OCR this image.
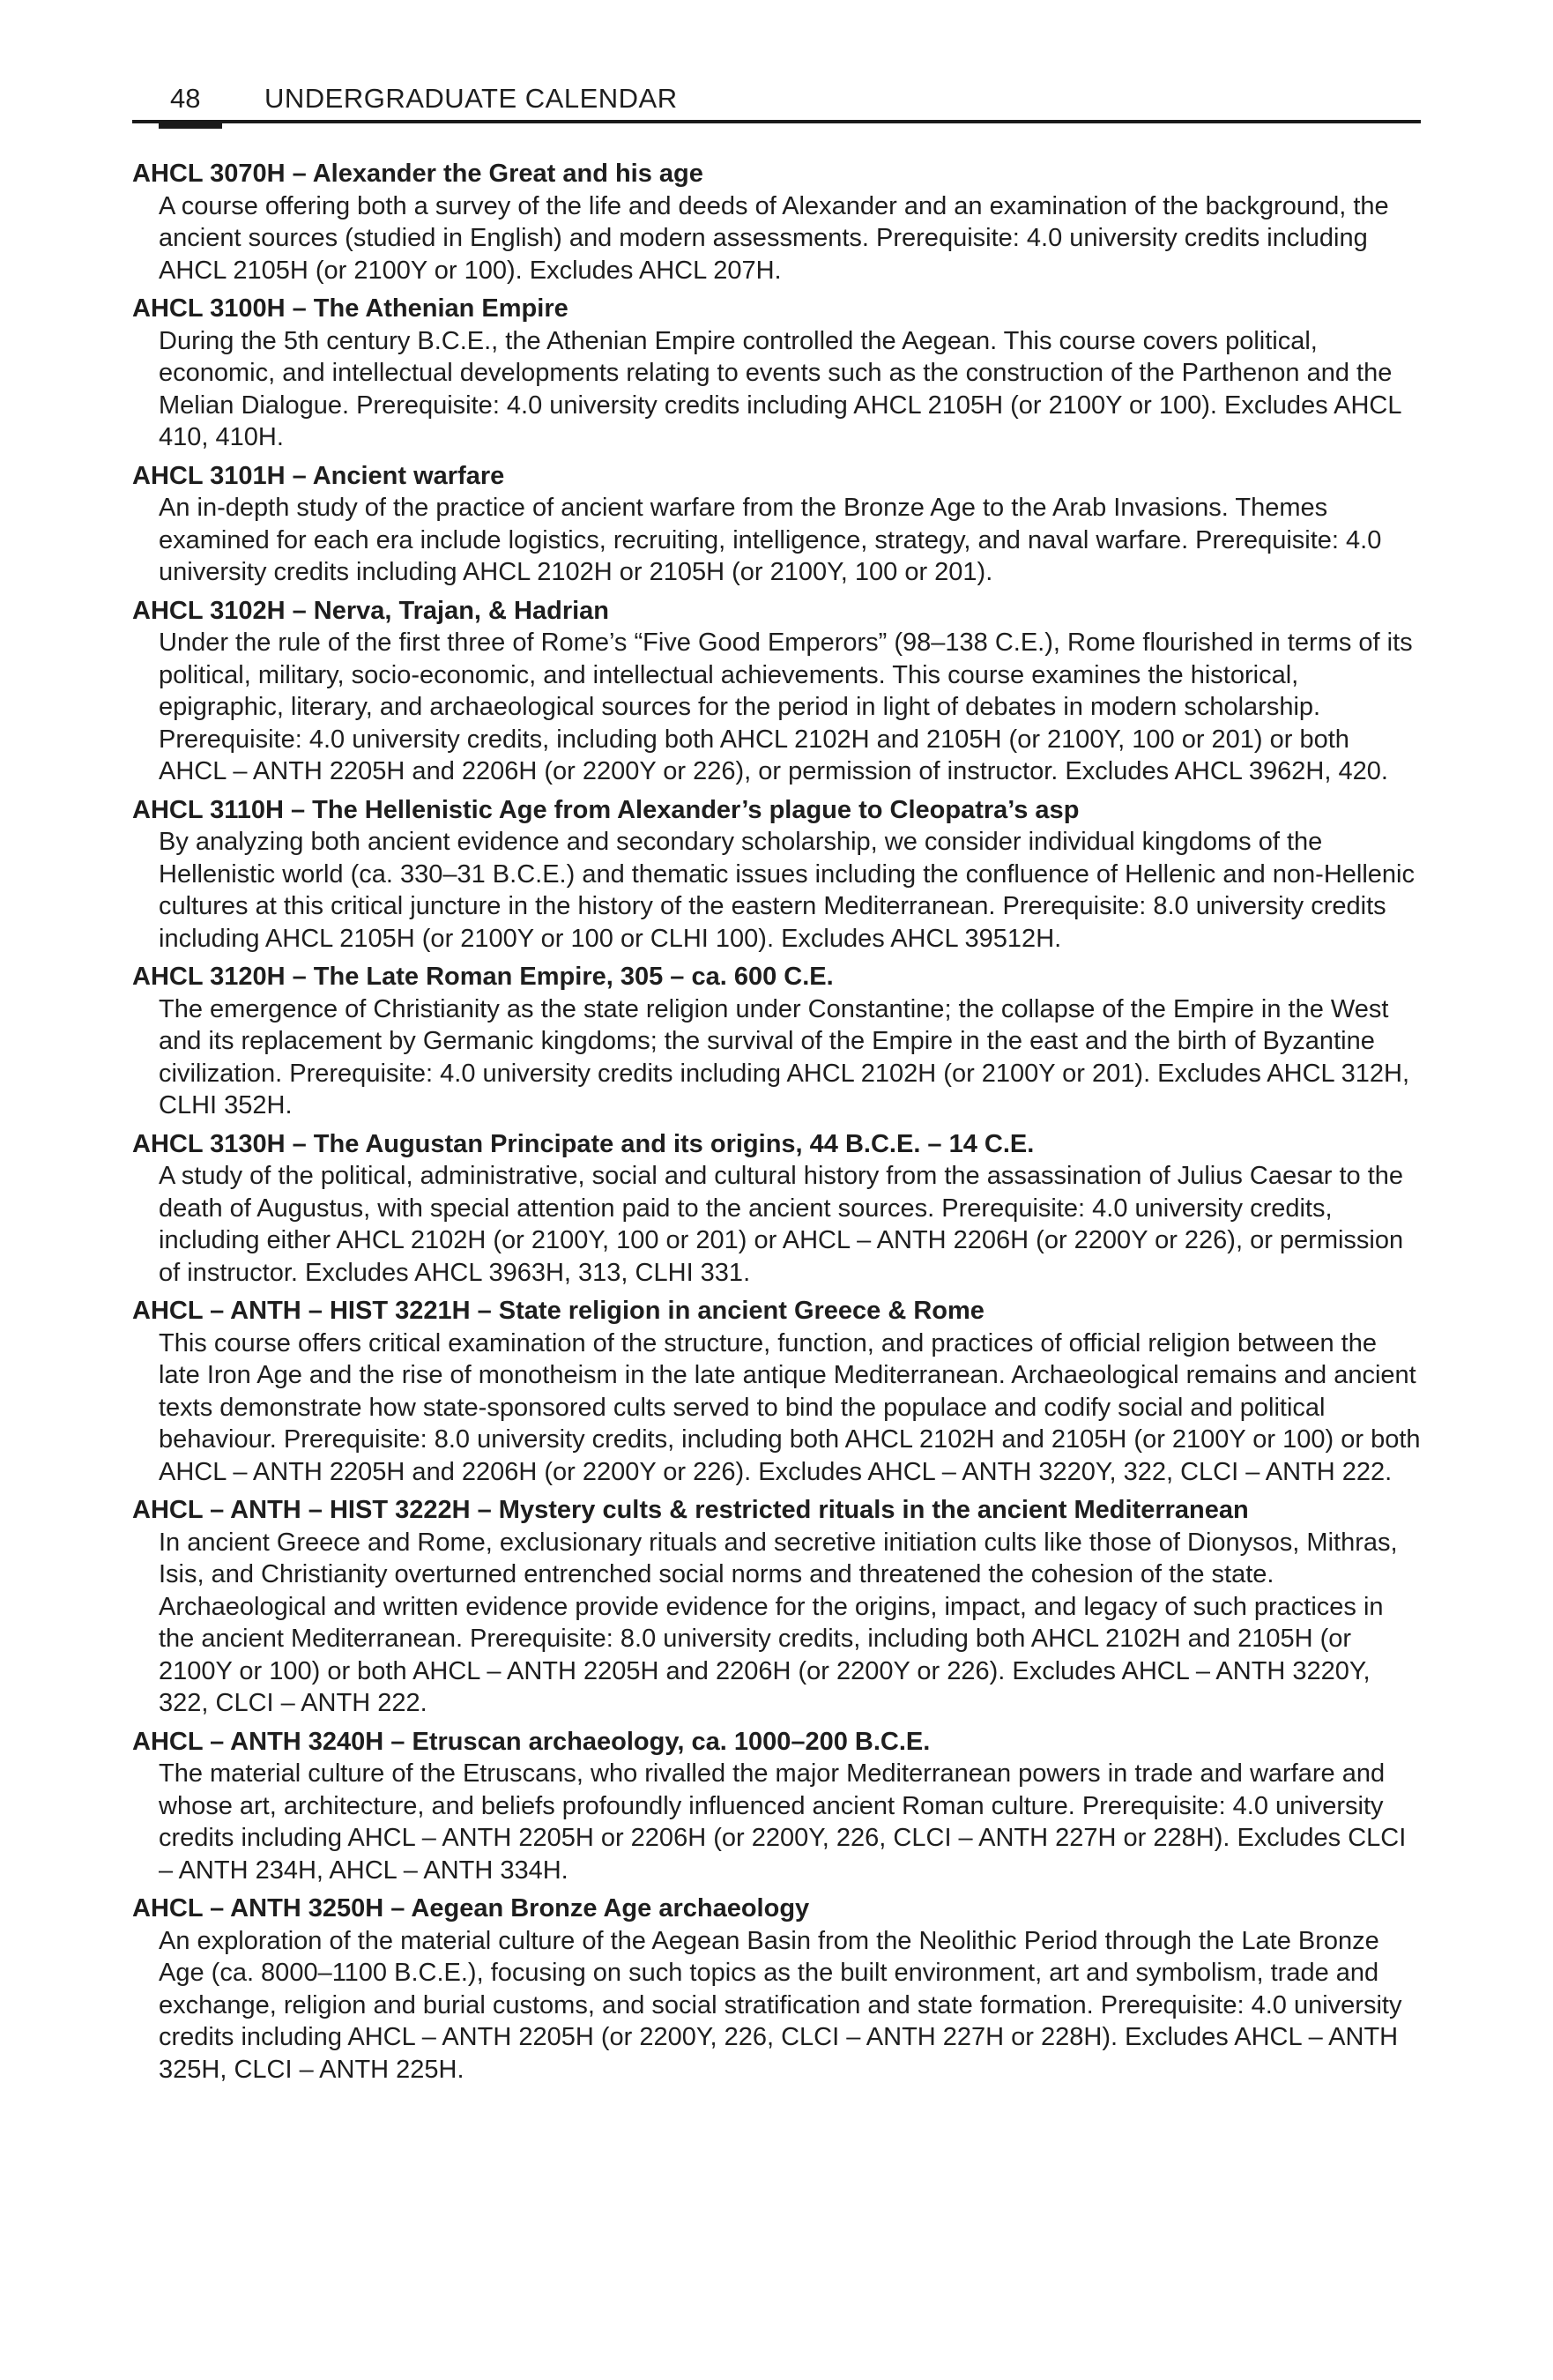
48 UNDERGRADUATE CALENDAR
AHCL 3070H – Alexander the Great and his age
A course offering both a survey of the life and deeds of Alexander and an examination of the background, the ancient sources (studied in English) and modern assessments. Prerequisite: 4.0 university credits including AHCL 2105H (or 2100Y or 100). Excludes AHCL 207H.
AHCL 3100H – The Athenian Empire
During the 5th century B.C.E., the Athenian Empire controlled the Aegean. This course covers political, economic, and intellectual developments relating to events such as the construction of the Parthenon and the Melian Dialogue. Prerequisite: 4.0 university credits including AHCL 2105H (or 2100Y or 100). Excludes AHCL 410, 410H.
AHCL 3101H – Ancient warfare
An in-depth study of the practice of ancient warfare from the Bronze Age to the Arab Invasions. Themes examined for each era include logistics, recruiting, intelligence, strategy, and naval warfare. Prerequisite: 4.0 university credits including AHCL 2102H or 2105H (or 2100Y, 100 or 201).
AHCL 3102H – Nerva, Trajan, & Hadrian
Under the rule of the first three of Rome’s “Five Good Emperors” (98–138 C.E.), Rome flourished in terms of its political, military, socio-economic, and intellectual achievements. This course examines the historical, epigraphic, literary, and archaeological sources for the period in light of debates in modern scholarship. Prerequisite: 4.0 university credits, including both AHCL 2102H and 2105H (or 2100Y, 100 or 201) or both AHCL – ANTH 2205H and 2206H (or 2200Y or 226), or permission of instructor. Excludes AHCL 3962H, 420.
AHCL 3110H – The Hellenistic Age from Alexander’s plague to Cleopatra’s asp
By analyzing both ancient evidence and secondary scholarship, we consider individual kingdoms of the Hellenistic world (ca. 330–31 B.C.E.) and thematic issues including the confluence of Hellenic and non-Hellenic cultures at this critical juncture in the history of the eastern Mediterranean. Prerequisite: 8.0 university credits including AHCL 2105H (or 2100Y or 100 or CLHI 100). Excludes AHCL 39512H.
AHCL 3120H – The Late Roman Empire, 305 – ca. 600 C.E.
The emergence of Christianity as the state religion under Constantine; the collapse of the Empire in the West and its replacement by Germanic kingdoms; the survival of the Empire in the east and the birth of Byzantine civilization. Prerequisite: 4.0 university credits including AHCL 2102H (or 2100Y or 201). Excludes AHCL 312H, CLHI 352H.
AHCL 3130H – The Augustan Principate and its origins, 44 B.C.E. – 14 C.E.
A study of the political, administrative, social and cultural history from the assassination of Julius Caesar to the death of Augustus, with special attention paid to the ancient sources. Prerequisite: 4.0 university credits, including either AHCL 2102H (or 2100Y, 100 or 201) or AHCL – ANTH 2206H (or 2200Y or 226), or permission of instructor. Excludes AHCL 3963H, 313, CLHI 331.
AHCL – ANTH – HIST 3221H – State religion in ancient Greece & Rome
This course offers critical examination of the structure, function, and practices of official religion between the late Iron Age and the rise of monotheism in the late antique Mediterranean. Archaeological remains and ancient texts demonstrate how state-sponsored cults served to bind the populace and codify social and political behaviour. Prerequisite: 8.0 university credits, including both AHCL 2102H and 2105H (or 2100Y or 100) or both AHCL – ANTH 2205H and 2206H (or 2200Y or 226). Excludes AHCL – ANTH 3220Y, 322, CLCI – ANTH 222.
AHCL – ANTH – HIST 3222H – Mystery cults & restricted rituals in the ancient Mediterranean
In ancient Greece and Rome, exclusionary rituals and secretive initiation cults like those of Dionysos, Mithras, Isis, and Christianity overturned entrenched social norms and threatened the cohesion of the state. Archaeological and written evidence provide evidence for the origins, impact, and legacy of such practices in the ancient Mediterranean. Prerequisite: 8.0 university credits, including both AHCL 2102H and 2105H (or 2100Y or 100) or both AHCL – ANTH 2205H and 2206H (or 2200Y or 226). Excludes AHCL – ANTH 3220Y, 322, CLCI – ANTH 222.
AHCL – ANTH 3240H – Etruscan archaeology, ca. 1000–200 B.C.E.
The material culture of the Etruscans, who rivalled the major Mediterranean powers in trade and warfare and whose art, architecture, and beliefs profoundly influenced ancient Roman culture. Prerequisite: 4.0 university credits including AHCL – ANTH 2205H or 2206H (or 2200Y, 226, CLCI – ANTH 227H or 228H). Excludes CLCI – ANTH 234H, AHCL – ANTH 334H.
AHCL – ANTH 3250H – Aegean Bronze Age archaeology
An exploration of the material culture of the Aegean Basin from the Neolithic Period through the Late Bronze Age (ca. 8000–1100 B.C.E.), focusing on such topics as the built environment, art and symbolism, trade and exchange, religion and burial customs, and social stratification and state formation. Prerequisite: 4.0 university credits including AHCL – ANTH 2205H (or 2200Y, 226, CLCI – ANTH 227H or 228H). Excludes AHCL – ANTH 325H, CLCI – ANTH 225H.
